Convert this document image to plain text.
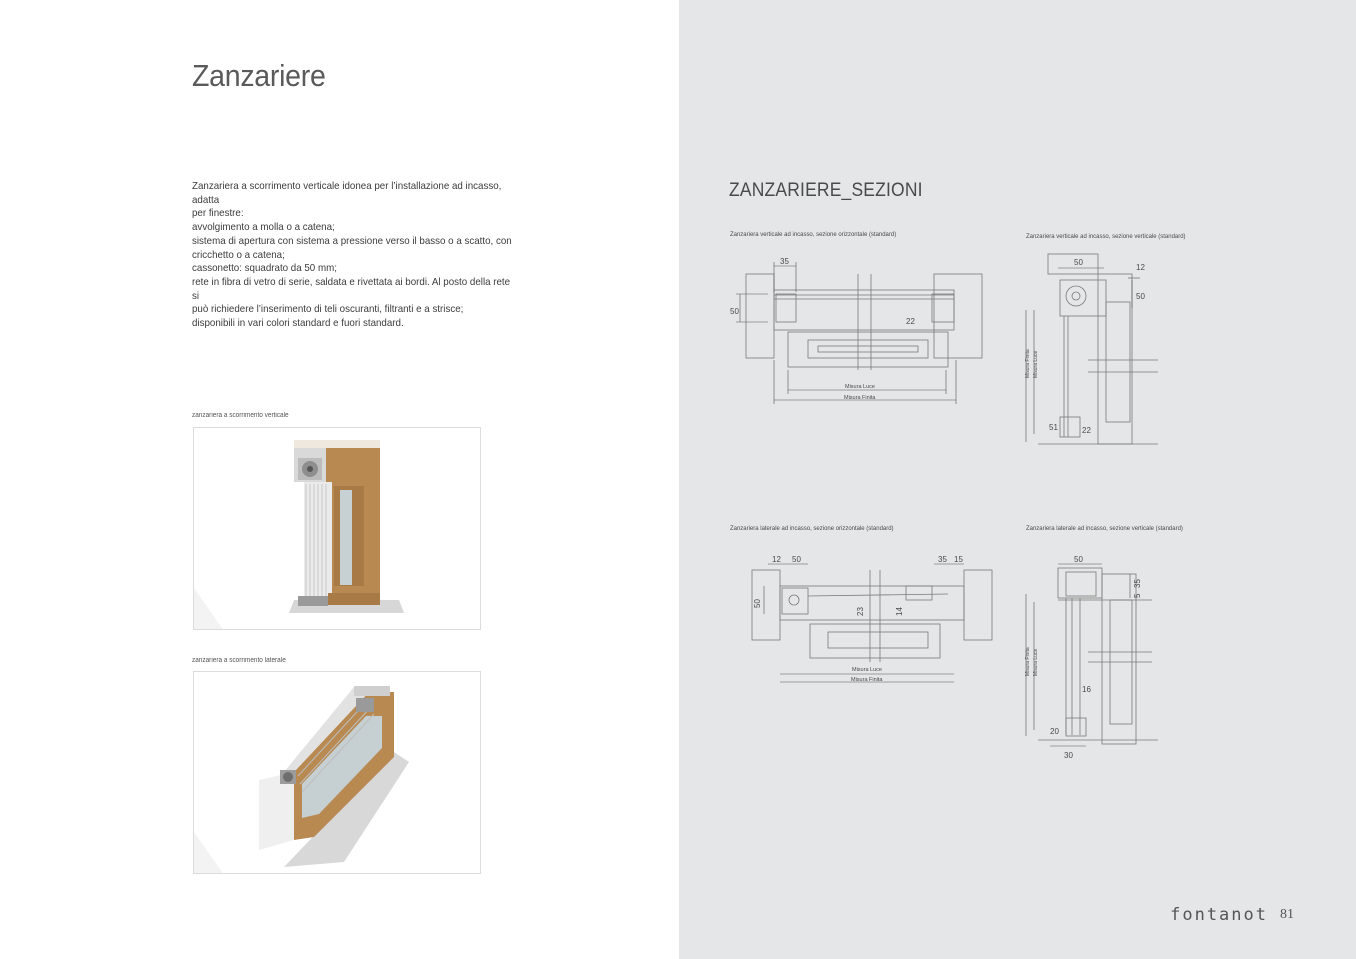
Zanzariere

Zanzariera a scorrimento verticale idonea per l’installazione ad incasso, adatta

per finestre:

avvolgimento a molla o a catena;

sistema di apertura con sistema a pressione verso il basso o a scatto, con

cricchetto o a catena;

cassonetto: squadrato da 50 mm;

rete in fibra di vetro di serie, saldata e rivettata ai bordi. Al posto della rete si

può richiedere l’inserimento di teli oscuranti, filtranti e a strisce;

disponibili in vari colori standard e fuori standard.

zanzariera a scorrimento verticale
zanzariera a scorrimento laterale
ZANZARIERE_SEZIONI
Zanzariera verticale ad incasso, sezione orizzontale (standard)	Zanzariera verticale ad incasso, sezione verticale (standard)
Zanzariera laterale ad incasso, sezione orizzontale (standard)	Zanzariera laterale ad incasso, sezione verticale (standard)
35
50
22
Misura Luce
Misura Finita
50
12
50
Misura Finita Misura Luce
51	22
12 50	35 15
50
23	14
Misura Luce
Misura Finita
50
5
35
Misura Finita Misura Luce
16
20
30
fontanot 81
